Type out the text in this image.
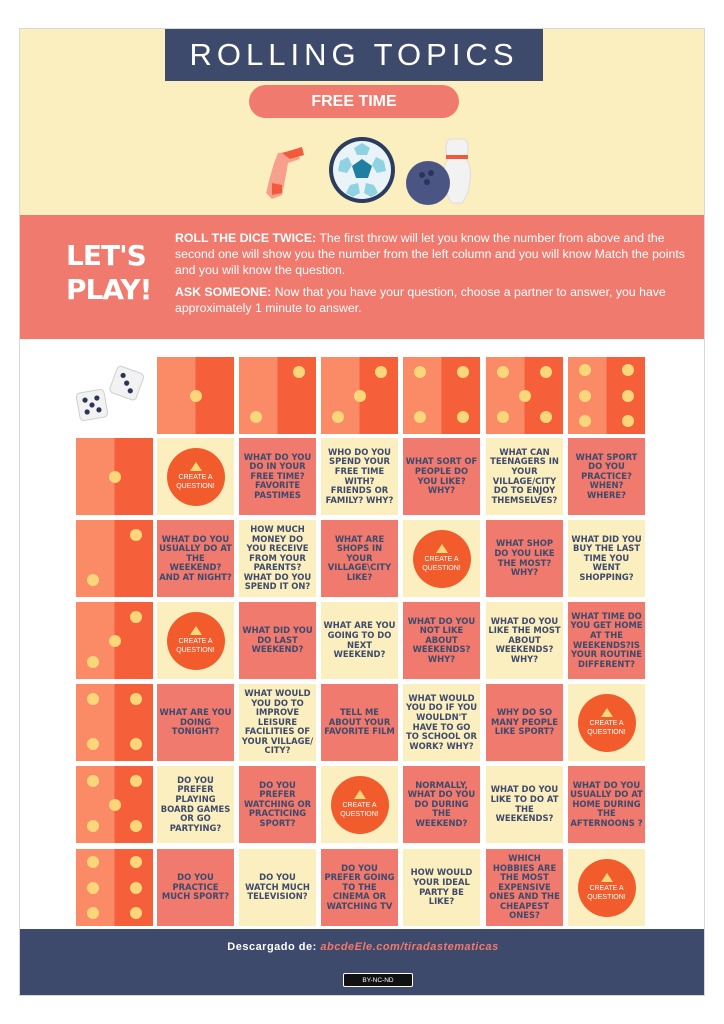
ROLLING TOPICS
FREE TIME
LET'S
PLAY!

ROLL THE DICE TWICE: The first throw will let you know the number from above and the second one will show you the number from the left column and you will know Match the points and you will know the question.

ASK SOMEONE: Now that you have your question, choose a partner to answer, you have approximately 1 minute to answer.

CREATE A
QUESTION!
WHAT DO YOU DO IN YOUR FREE TIME? FAVORITE PASTIMES
WHO DO YOU SPEND YOUR FREE TIME WITH? FRIENDS OR FAMILY? WHY?
WHAT SORT OF PEOPLE DO YOU LIKE? WHY?
WHAT CAN TEENAGERS IN YOUR VILLAGE/CITY DO TO ENJOY THEMSELVES?
WHAT SPORT DO YOU PRACTICE? WHEN? WHERE?
WHAT DO YOU USUALLY DO AT THE WEEKEND? AND AT NIGHT?
HOW MUCH MONEY DO YOU RECEIVE FROM YOUR PARENTS? WHAT DO YOU SPEND IT ON?
WHAT ARE SHOPS IN YOUR VILLAGE\CITY LIKE?
CREATE A
QUESTION!
WHAT SHOP DO YOU LIKE THE MOST? WHY?
WHAT DID YOU BUY THE LAST TIME YOU WENT SHOPPING?
CREATE A
QUESTION!
WHAT DID YOU DO LAST WEEKEND?
WHAT ARE YOU GOING TO DO NEXT WEEKEND?
WHAT DO YOU NOT LIKE ABOUT WEEKENDS? WHY?
WHAT DO YOU LIKE THE MOST ABOUT WEEKENDS? WHY?
WHAT TIME DO YOU GET HOME AT THE WEEKENDS?IS YOUR ROUTINE DIFFERENT?
WHAT ARE YOU DOING TONIGHT?
WHAT WOULD YOU DO TO IMPROVE LEISURE FACILITIES OF YOUR VILLAGE/ CITY?
TELL ME ABOUT YOUR FAVORITE FILM
WHAT WOULD YOU DO IF YOU WOULDN'T HAVE TO GO TO SCHOOL OR WORK? WHY?
WHY DO SO MANY PEOPLE LIKE SPORT?
CREATE A
QUESTION!
DO YOU PREFER PLAYING BOARD GAMES OR GO PARTYING?
DO YOU PREFER WATCHING OR PRACTICING SPORT?
CREATE A
QUESTION!
NORMALLY, WHAT DO YOU DO DURING THE WEEKEND?
WHAT DO YOU LIKE TO DO AT THE WEEKENDS?
WHAT DO YOU USUALLY DO AT HOME DURING THE AFTERNOONS ?
DO YOU PRACTICE MUCH SPORT?
DO YOU WATCH MUCH TELEVISION?
DO YOU PREFER GOING TO THE CINEMA OR WATCHING TV
HOW WOULD YOUR IDEAL PARTY BE LIKE?
WHICH HOBBIES ARE THE MOST EXPENSIVE ONES AND THE CHEAPEST ONES?
CREATE A
QUESTION!
Descargado de: abcdeEle.com/tiradastematicas
BY-NC-ND
